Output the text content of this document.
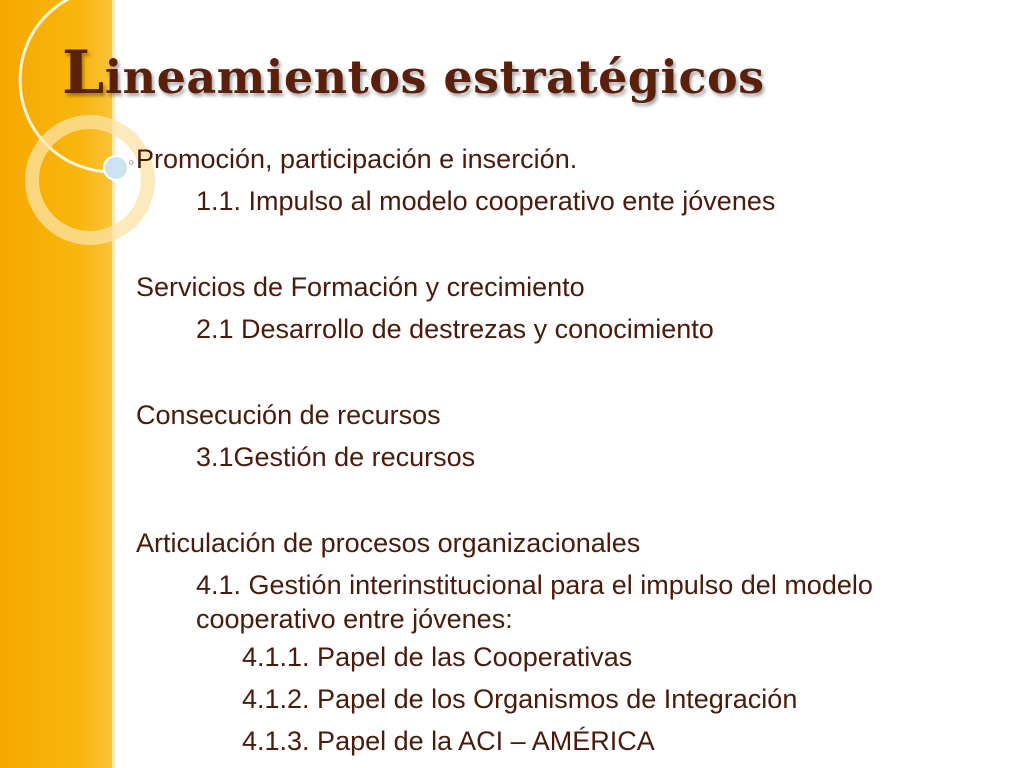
Lineamientos estratégicos
◦ Promoción, participación e inserción.
1.1. Impulso al modelo cooperativo ente jóvenes
Servicios de Formación y crecimiento
2.1 Desarrollo de destrezas y conocimiento
Consecución de recursos
3.1Gestión de recursos
Articulación de procesos organizacionales

4.1. Gestión interinstitucional para el impulso del modelo cooperativo entre jóvenes:

4.1.1. Papel de las Cooperativas
4.1.2. Papel de los Organismos de Integración
4.1.3. Papel de la ACI – AMÉRICA
